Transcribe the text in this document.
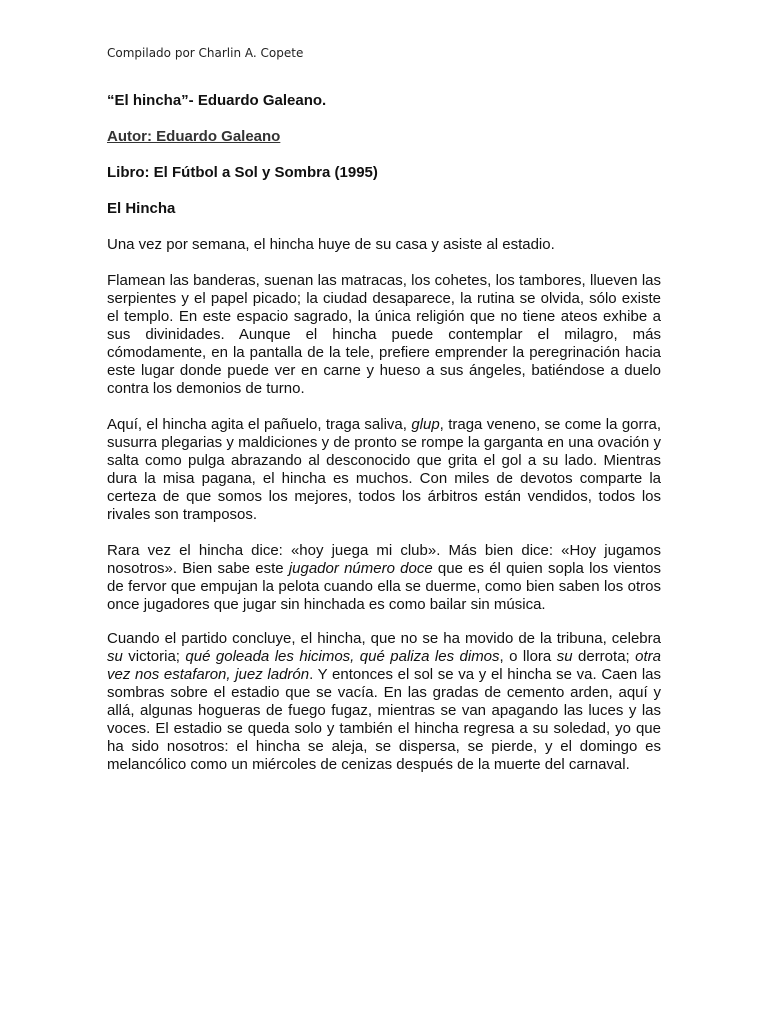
Compilado por Charlin A. Copete
“El hincha”- Eduardo Galeano.
Autor: Eduardo Galeano
Libro: El Fútbol a Sol y Sombra (1995)
El Hincha

Una vez por semana, el hincha huye de su casa y asiste al estadio.

Flamean las banderas, suenan las matracas, los cohetes, los tambores, llueven las serpientes y el papel picado; la ciudad desaparece, la rutina se olvida, sólo existe el templo. En este espacio sagrado, la única religión que no tiene ateos exhibe a sus divinidades. Aunque el hincha puede contemplar el milagro, más cómodamente, en la pantalla de la tele, prefiere emprender la peregrinación hacia este lugar donde puede ver en carne y hueso a sus ángeles, batiéndose a duelo contra los demonios de turno.

Aquí, el hincha agita el pañuelo, traga saliva, glup, traga veneno, se come la gorra, susurra plegarias y maldiciones y de pronto se rompe la garganta en una ovación y salta como pulga abrazando al desconocido que grita el gol a su lado. Mientras dura la misa pagana, el hincha es muchos. Con miles de devotos comparte la certeza de que somos los mejores, todos los árbitros están vendidos, todos los rivales son tramposos.

Rara vez el hincha dice: «hoy juega mi club». Más bien dice: «Hoy jugamos nosotros». Bien sabe este jugador número doce que es él quien sopla los vientos de fervor que empujan la pelota cuando ella se duerme, como bien saben los otros once jugadores que jugar sin hinchada es como bailar sin música.

Cuando el partido concluye, el hincha, que no se ha movido de la tribuna, celebra su victoria; qué goleada les hicimos, qué paliza les dimos, o llora su derrota; otra vez nos estafaron, juez ladrón. Y entonces el sol se va y el hincha se va. Caen las sombras sobre el estadio que se vacía. En las gradas de cemento arden, aquí y allá, algunas hogueras de fuego fugaz, mientras se van apagando las luces y las voces. El estadio se queda solo y también el hincha regresa a su soledad, yo que ha sido nosotros: el hincha se aleja, se dispersa, se pierde, y el domingo es melancólico como un miércoles de cenizas después de la muerte del carnaval.
